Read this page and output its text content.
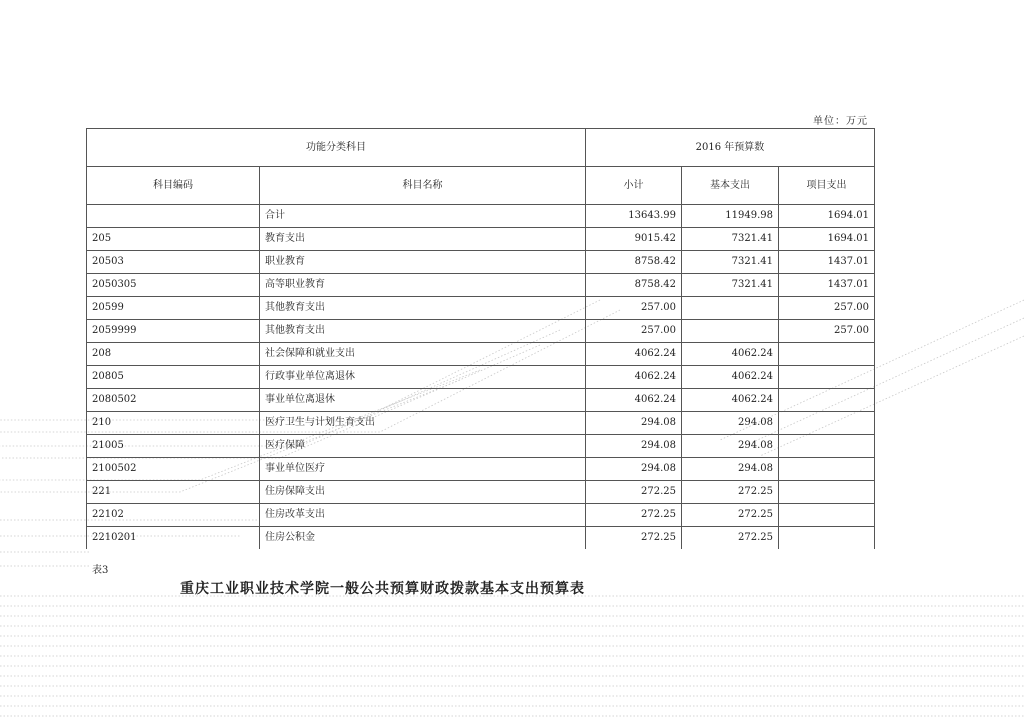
单位：万元
功能分类科目		2016 年预算数		
科目编码	科目名称	小计	基本支出	项目支出
	合计	13643.99	11949.98	1694.01
205	教育支出	9015.42	7321.41	1694.01
20503	职业教育	8758.42	7321.41	1437.01
2050305	高等职业教育	8758.42	7321.41	1437.01
20599	其他教育支出	257.00		257.00
2059999	其他教育支出	257.00		257.00
208	社会保障和就业支出	4062.24	4062.24	
20805	行政事业单位离退休	4062.24	4062.24	
2080502	事业单位离退休	4062.24	4062.24	
210	医疗卫生与计划生育支出	294.08	294.08	
21005	医疗保障	294.08	294.08	
2100502	事业单位医疗	294.08	294.08	
221	住房保障支出	272.25	272.25	
22102	住房改革支出	272.25	272.25	
2210201	住房公积金	272.25	272.25	
表3
重庆工业职业技术学院一般公共预算财政拨款基本支出预算表
